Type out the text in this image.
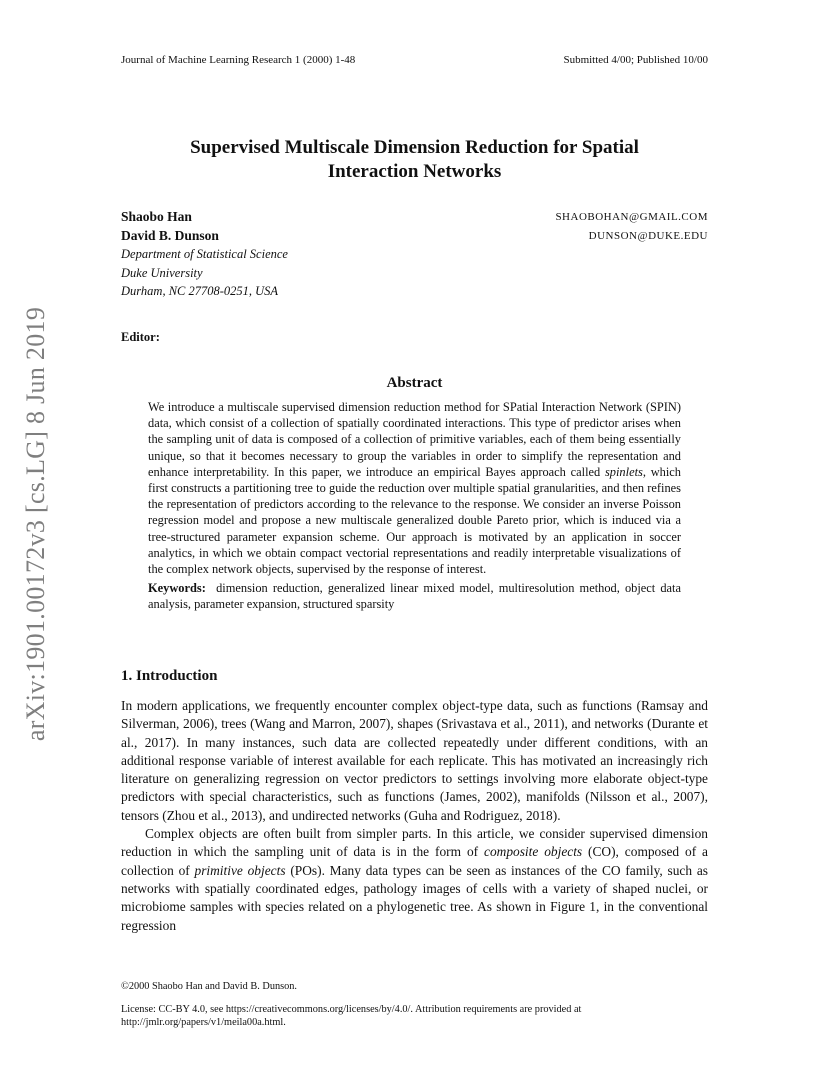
arXiv:1901.00172v3 [cs.LG] 8 Jun 2019
Journal of Machine Learning Research 1 (2000) 1-48	Submitted 4/00; Published 10/00
Supervised Multiscale Dimension Reduction for Spatial
Interaction Networks
Shaobo Han	SHAOBOHAN@GMAIL.COM
David B. Dunson	DUNSON@DUKE.EDU
Department of Statistical Science
Duke University
Durham, NC 27708-0251, USA
Editor:
Abstract

We introduce a multiscale supervised dimension reduction method for SPatial Interaction Network (SPIN) data, which consist of a collection of spatially coordinated interactions. This type of predictor arises when the sampling unit of data is composed of a collection of primitive variables, each of them being essentially unique, so that it becomes necessary to group the variables in order to simplify the representation and enhance interpretability. In this paper, we introduce an empirical Bayes approach called spinlets, which first constructs a partitioning tree to guide the reduction over multiple spatial granularities, and then refines the representation of predictors according to the relevance to the response. We consider an inverse Poisson regression model and propose a new multiscale generalized double Pareto prior, which is induced via a tree-structured parameter expansion scheme. Our approach is motivated by an application in soccer analytics, in which we obtain compact vectorial representations and readily interpretable visualizations of the complex network objects, supervised by the response of interest.

Keywords: dimension reduction, generalized linear mixed model, multiresolution method, object data analysis, parameter expansion, structured sparsity

1. Introduction

In modern applications, we frequently encounter complex object-type data, such as functions (Ramsay and Silverman, 2006), trees (Wang and Marron, 2007), shapes (Srivastava et al., 2011), and networks (Durante et al., 2017). In many instances, such data are collected repeatedly under different conditions, with an additional response variable of interest available for each replicate. This has motivated an increasingly rich literature on generalizing regression on vector predictors to settings involving more elaborate object-type predictors with special characteristics, such as functions (James, 2002), manifolds (Nilsson et al., 2007), tensors (Zhou et al., 2013), and undirected networks (Guha and Rodriguez, 2018).

Complex objects are often built from simpler parts. In this article, we consider supervised dimension reduction in which the sampling unit of data is in the form of composite objects (CO), composed of a collection of primitive objects (POs). Many data types can be seen as instances of the CO family, such as networks with spatially coordinated edges, pathology images of cells with a variety of shaped nuclei, or microbiome samples with species related on a phylogenetic tree. As shown in Figure 1, in the conventional regression

©2000 Shaobo Han and David B. Dunson.

License: CC-BY 4.0, see https://creativecommons.org/licenses/by/4.0/. Attribution requirements are provided at http://jmlr.org/papers/v1/meila00a.html.
